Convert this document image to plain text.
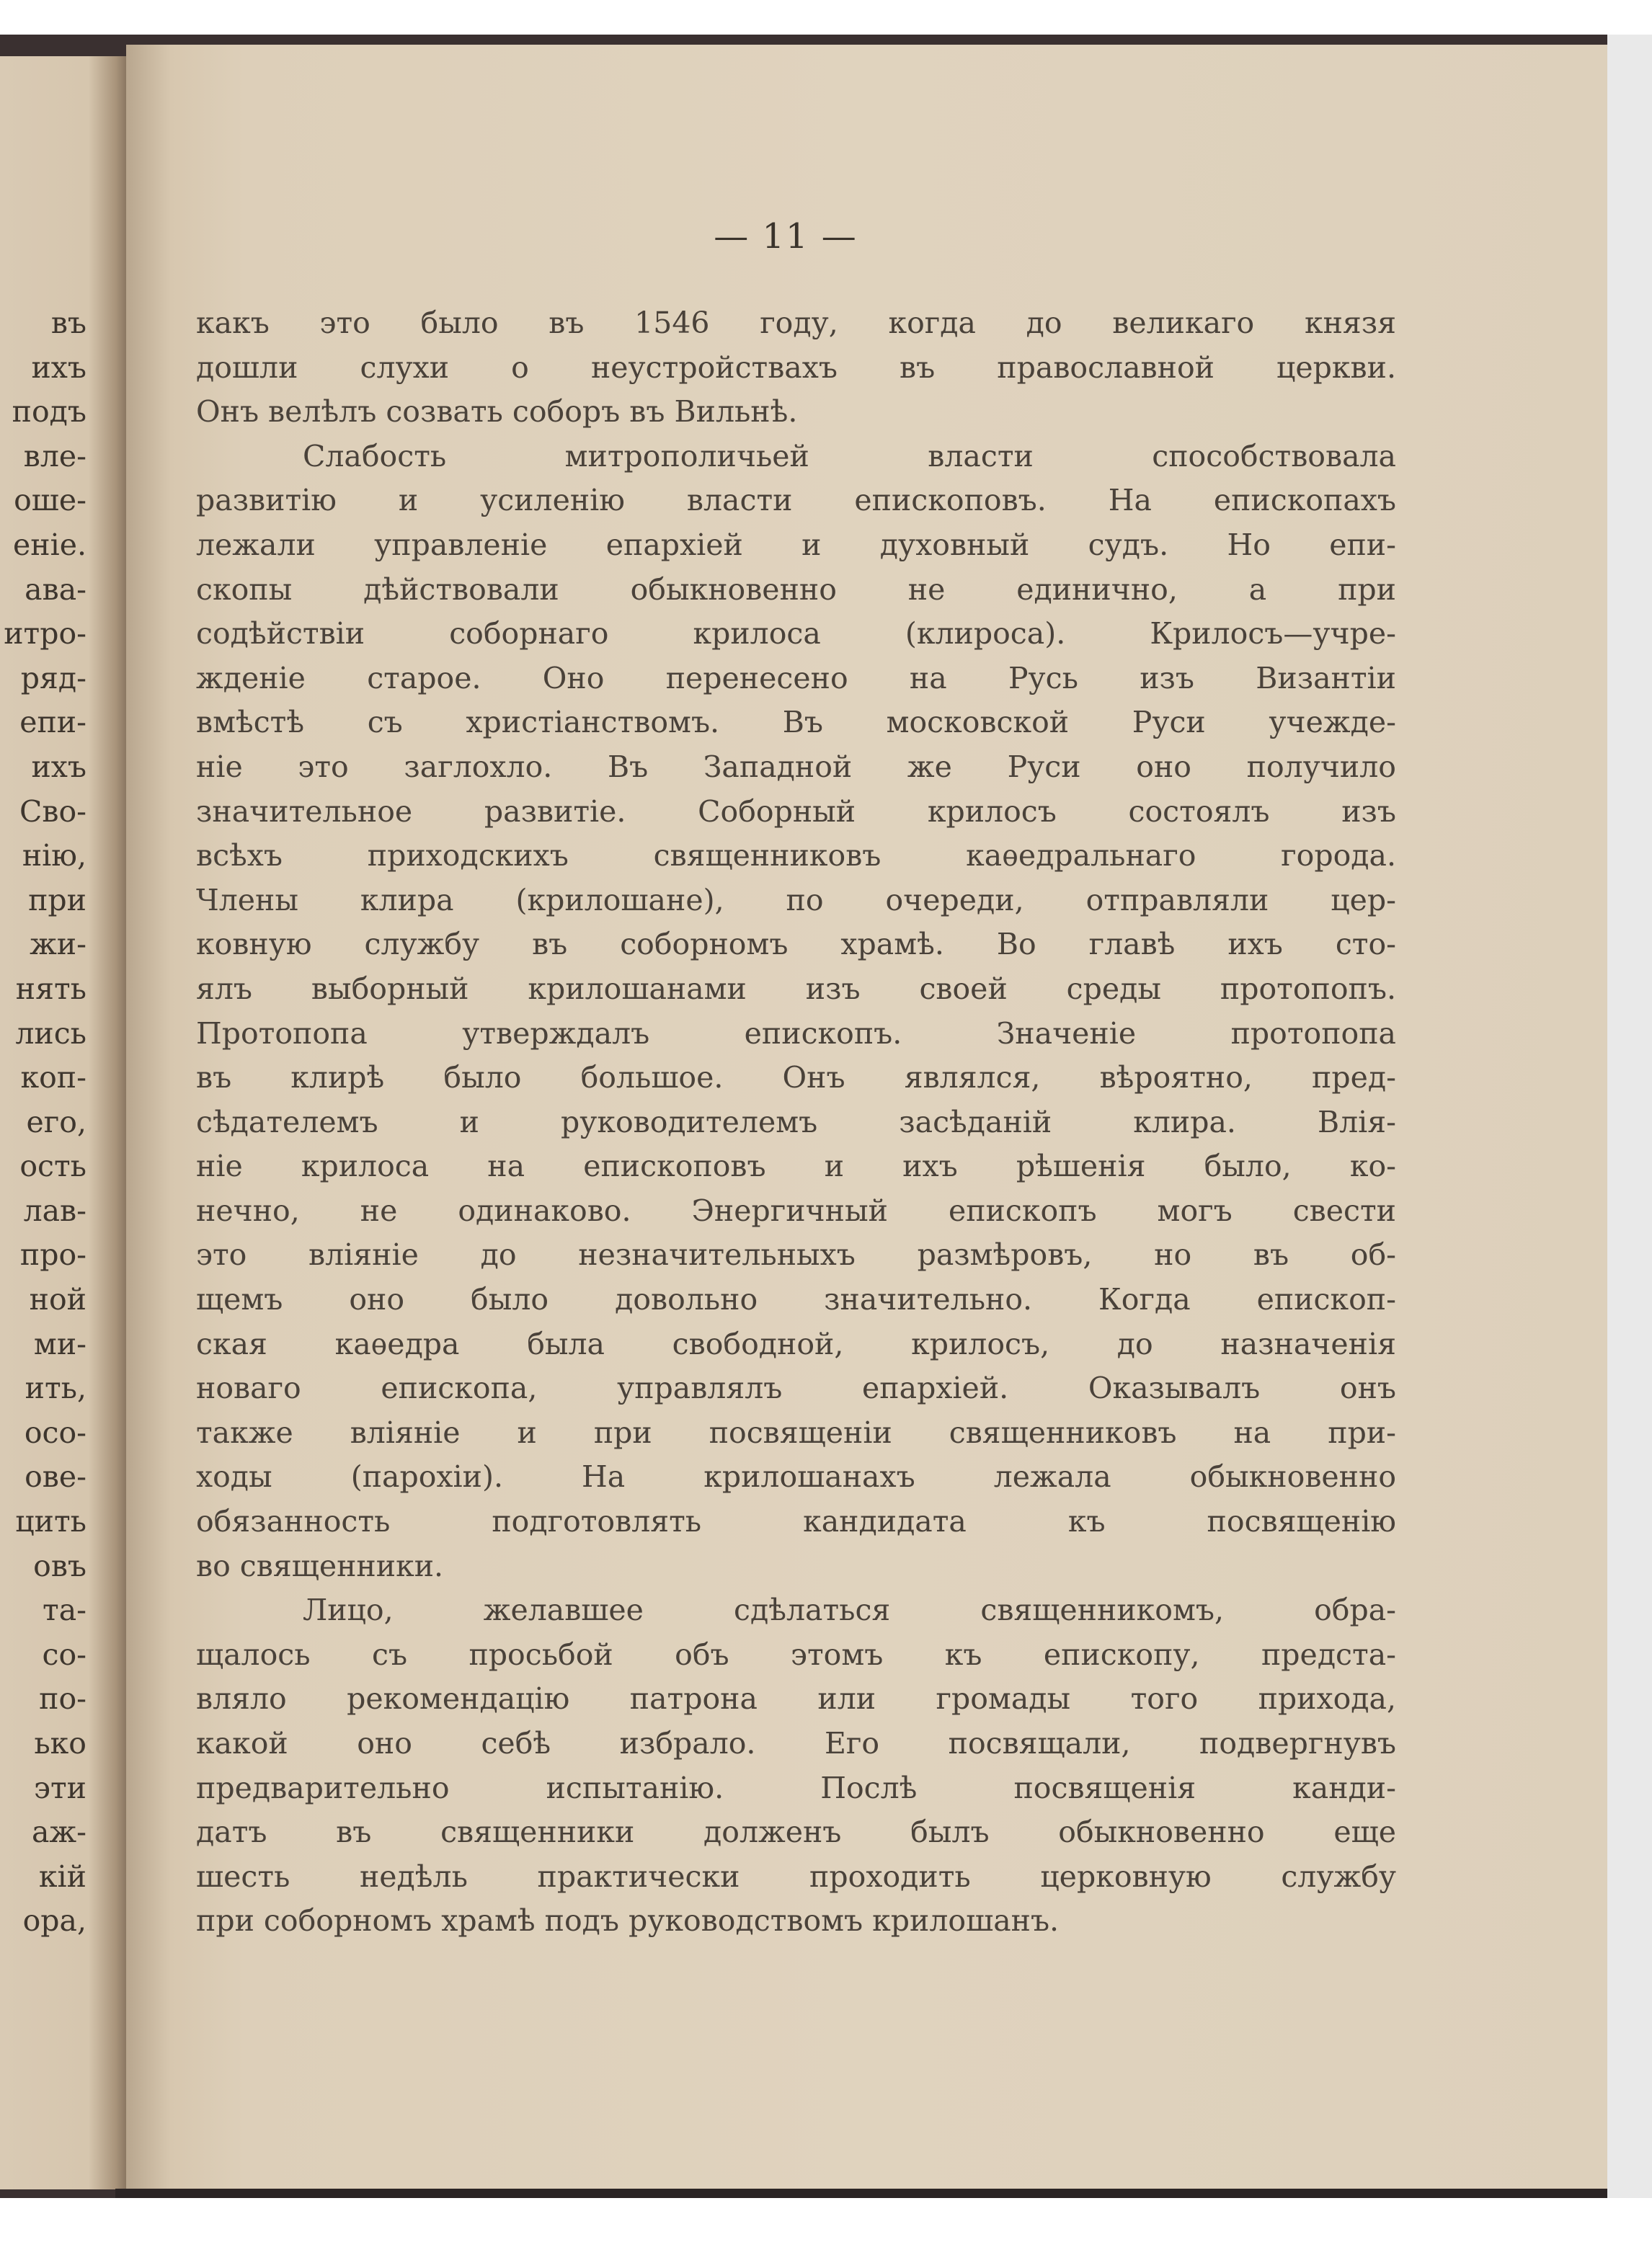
— 11 —
въ
ихъ
подъ
вле-
оше-
еніе.
ава-
итро-
ряд-
епи-
ихъ
Сво-
нію,
при
жи-
нять
лись
коп-
его,
ость
лав-
про-
ной
ми-
ить,
осо-
ове-
цить
овъ
та-
со-
по-
ько
эти
аж-
кій
ора,
какъ это было въ 1546 году, когда до великаго князя
дошли слухи о неустройствахъ въ православной церкви.
Онъ велѣлъ созвать соборъ въ Вильнѣ.
Слабость митрополичьей власти способствовала
развитію и усиленію власти епископовъ. На епископахъ
лежали управленіе епархіей и духовный судъ. Но епи-
скопы дѣйствовали обыкновенно не единично, а при
содѣйствіи соборнаго крилоса (клироса). Крилосъ—учре-
жденіе старое. Оно перенесено на Русь изъ Византіи
вмѣстѣ съ христіанствомъ. Въ московской Руси учежде-
ніе это заглохло. Въ Западной же Руси оно получило
значительное развитіе. Соборный крилосъ состоялъ изъ
всѣхъ приходскихъ священниковъ каѳедральнаго города.
Члены клира (крилошане), по очереди, отправляли цер-
ковную службу въ соборномъ храмѣ. Во главѣ ихъ сто-
ялъ выборный крилошанами изъ своей среды протопопъ.
Протопопа утверждалъ епископъ. Значеніе протопопа
въ клирѣ было большое. Онъ являлся, вѣроятно, пред-
сѣдателемъ и руководителемъ засѣданій клира. Влія-
ніе крилоса на епископовъ и ихъ рѣшенія было, ко-
нечно, не одинаково. Энергичный епископъ могъ свести
это вліяніе до незначительныхъ размѣровъ, но въ об-
щемъ оно было довольно значительно. Когда епископ-
ская каѳедра была свободной, крилосъ, до назначенія
новаго епископа, управлялъ епархіей. Оказывалъ онъ
также вліяніе и при посвященіи священниковъ на при-
ходы (парохіи). На крилошанахъ лежала обыкновенно
обязанность подготовлять кандидата къ посвященію
во священники.
Лицо, желавшее сдѣлаться священникомъ, обра-
щалось съ просьбой объ этомъ къ епископу, предста-
вляло рекомендацію патрона или громады того прихода,
какой оно себѣ избрало. Его посвящали, подвергнувъ
предварительно испытанію. Послѣ посвященія канди-
датъ въ священники долженъ былъ обыкновенно еще
шесть недѣль практически проходить церковную службу
при соборномъ храмѣ подъ руководствомъ крилошанъ.
